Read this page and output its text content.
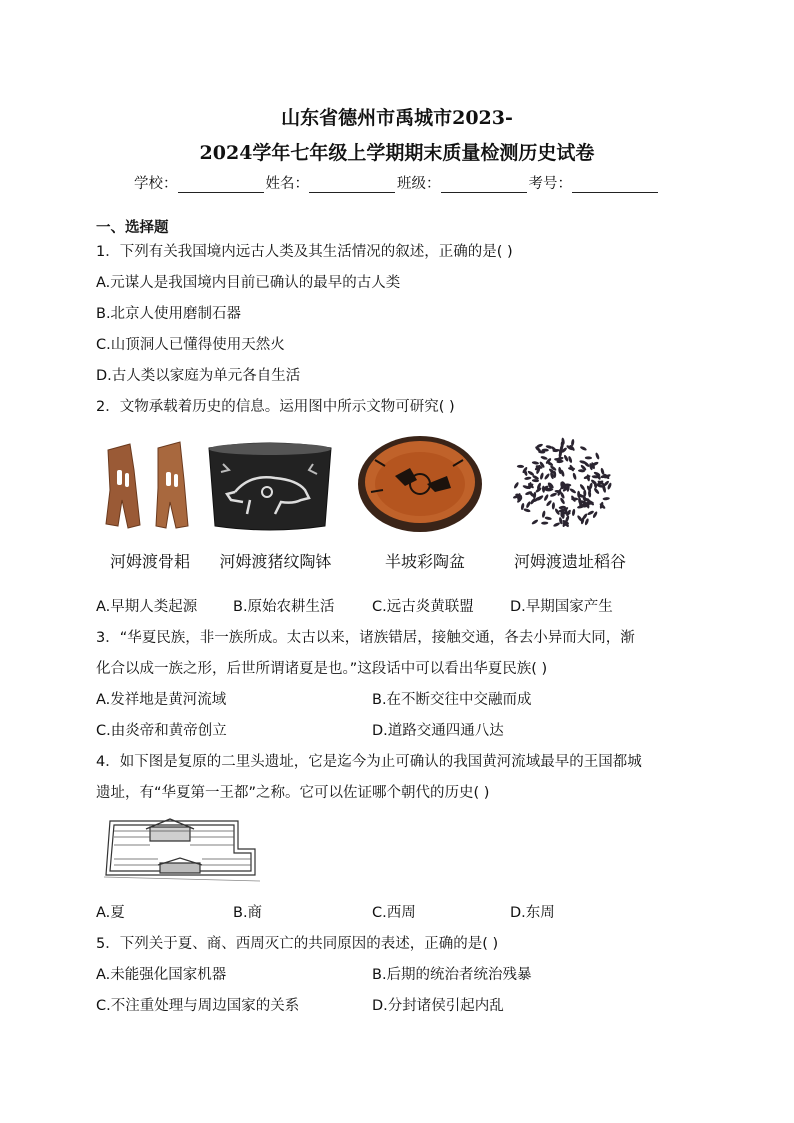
山东省德州市禹城市2023-
2024学年七年级上学期期末质量检测历史试卷
学校：	姓名：	班级：	考号：
一、选择题
1．下列有关我国境内远古人类及其生活情况的叙述，正确的是( )
A.元谋人是我国境内目前已确认的最早的古人类
B.北京人使用磨制石器
C.山顶洞人已懂得使用天然火
D.古人类以家庭为单元各自生活
2．文物承载着历史的信息。运用图中所示文物可研究( )
河姆渡骨耜	河姆渡猪纹陶钵	半坡彩陶盆	河姆渡遗址稻谷
A.早期人类起源 B.原始农耕生活	C.远古炎黄联盟	D.早期国家产生
3．“华夏民族，非一族所成。太古以来，诸族错居，接触交通，各去小异而大同，渐
化合以成一族之形，后世所谓诸夏是也。”这段话中可以看出华夏民族( )
A.发祥地是黄河流域	B.在不断交往中交融而成
C.由炎帝和黄帝创立	D.道路交通四通八达
4．如下图是复原的二里头遗址，它是迄今为止可确认的我国黄河流域最早的王国都城
遗址，有“华夏第一王都”之称。它可以佐证哪个朝代的历史( )
A.夏	B.商	C.西周	D.东周
5．下列关于夏、商、西周灭亡的共同原因的表述，正确的是( )
A.未能强化国家机器	B.后期的统治者统治残暴
C.不注重处理与周边国家的关系	D.分封诸侯引起内乱
